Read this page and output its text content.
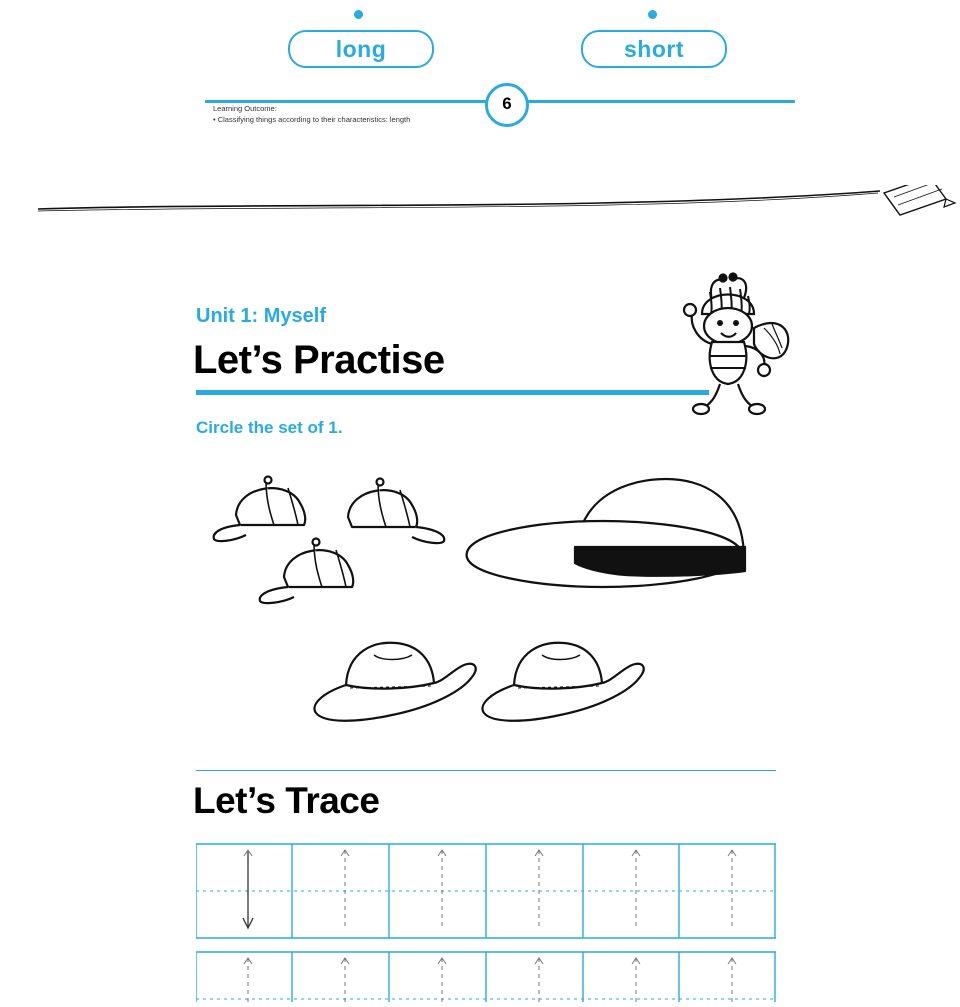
long	short
6
Learning Outcome:
• Classifying things according to their characteristics: length
Unit 1: Myself
Let’s Practise
Circle the set of 1.
Let’s Trace
